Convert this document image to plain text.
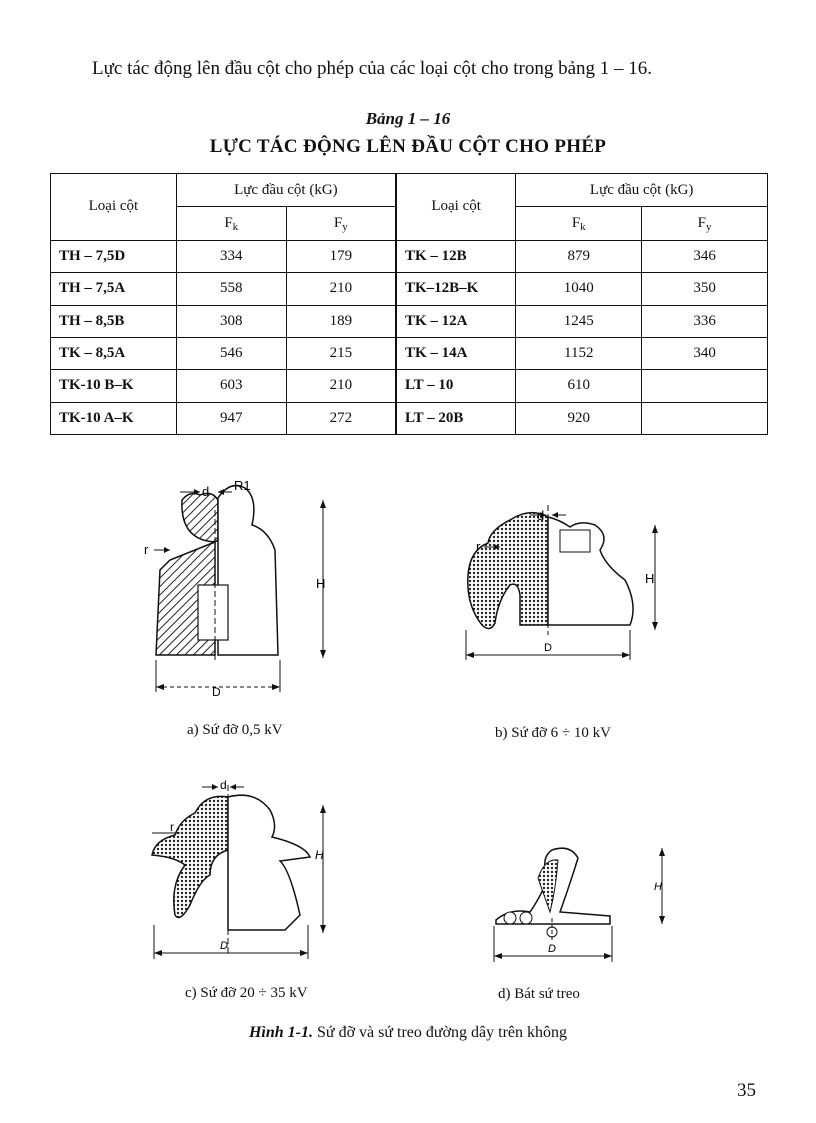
Lực tác động lên đầu cột cho phép của các loại cột cho trong bảng 1 – 16.
Bảng 1 – 16
LỰC TÁC ĐỘNG LÊN ĐẦU CỘT CHO PHÉP
Loại cột	Lực đầu cột (kG)		Loại cột	Lực đầu cột (kG)	
	$F_k$	$F_y$		$F_k$	$F_y$
TH – 7,5D	334	179	TK – 12B	879	346
TH – 7,5A	558	210	TK–12B–K	1040	350
TH – 8,5B	308	189	TK – 12A	1245	336
TK – 8,5A	546	215	TK – 14A	1152	340
TK-10 B–K	603	210	LT – 10	610	
TK-10 A–K	947	272	LT – 20B	920	
d R1
r
H
D
a) Sứ đỡ 0,5 kV
d
r
H
D
b) Sứ đỡ 6 ÷ 10 kV
d
r
H
D
c) Sứ đỡ 20 ÷ 35 kV
H
D
d) Bát sứ treo
Hình 1-1. Sứ đỡ và sứ treo đường dây trên không
35
